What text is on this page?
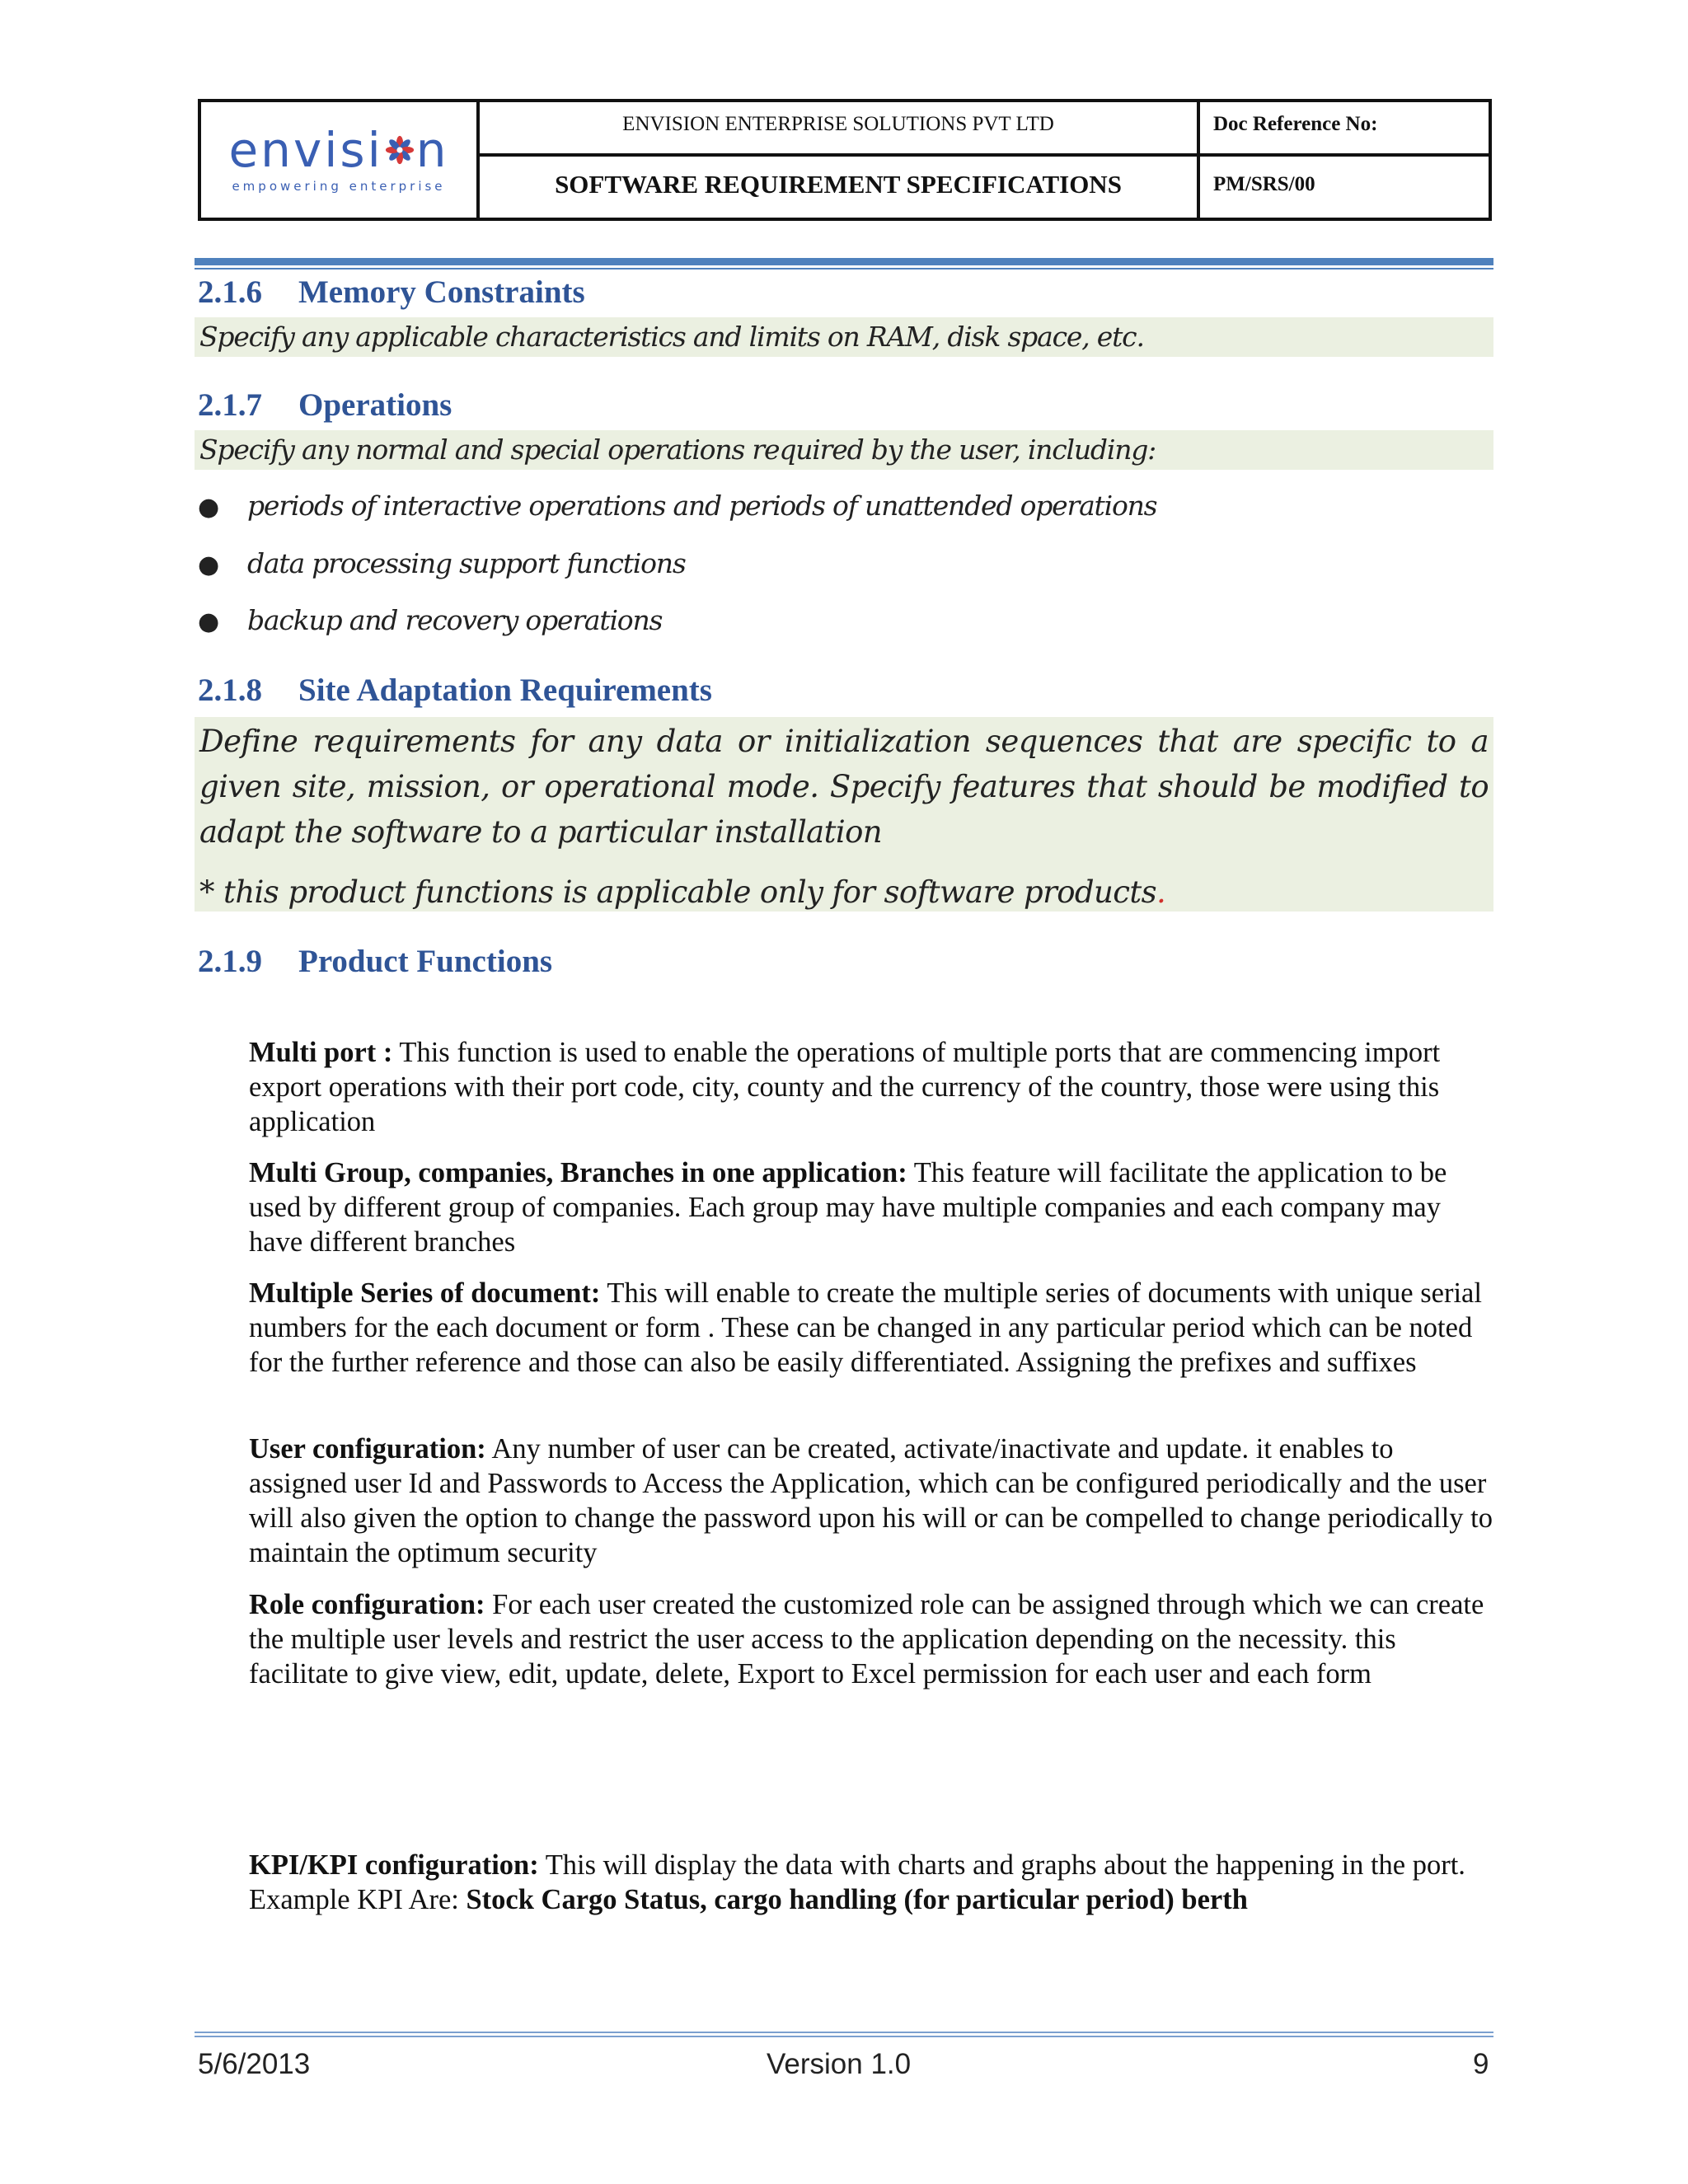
envisi n
empowering enterprise
ENVISION ENTERPRISE SOLUTIONS PVT LTD	Doc Reference No:
SOFTWARE REQUIREMENT SPECIFICATIONS	PM/SRS/00
2.1.6 Memory Constraints
Specify any applicable characteristics and limits on RAM, disk space, etc.
2.1.7 Operations
Specify any normal and special operations required by the user, including:
● periods of interactive operations and periods of unattended operations
● data processing support functions
● backup and recovery operations
2.1.8 Site Adaptation Requirements

Define requirements for any data or initialization sequences that are specific to a given site, mission, or operational mode. Specify features that should be modified to adapt the software to a particular installation

* this product functions is applicable only for software products.

2.1.9 Product Functions
Multi port : This function is used to enable the operations of multiple ports that are commencing import export operations with their port code, city, county and the currency of the country, those were using this application
Multi Group, companies, Branches in one application: This feature will facilitate the application to be used by different group of companies. Each group may have multiple companies and each company may have different branches
Multiple Series of document: This will enable to create the multiple series of documents with unique serial numbers for the each document or form . These can be changed in any particular period which can be noted for the further reference and those can also be easily differentiated. Assigning the prefixes and suffixes
User configuration: Any number of user can be created, activate/inactivate and update. it enables to assigned user Id and Passwords to Access the Application, which can be configured periodically and the user will also given the option to change the password upon his will or can be compelled to change periodically to maintain the optimum security
Role configuration: For each user created the customized role can be assigned through which we can create the multiple user levels and restrict the user access to the application depending on the necessity. this facilitate to give view, edit, update, delete, Export to Excel permission for each user and each form
KPI/KPI configuration: This will display the data with charts and graphs about the happening in the port. Example KPI Are: Stock Cargo Status, cargo handling (for particular period) berth
5/6/2013	Version 1.0	9
